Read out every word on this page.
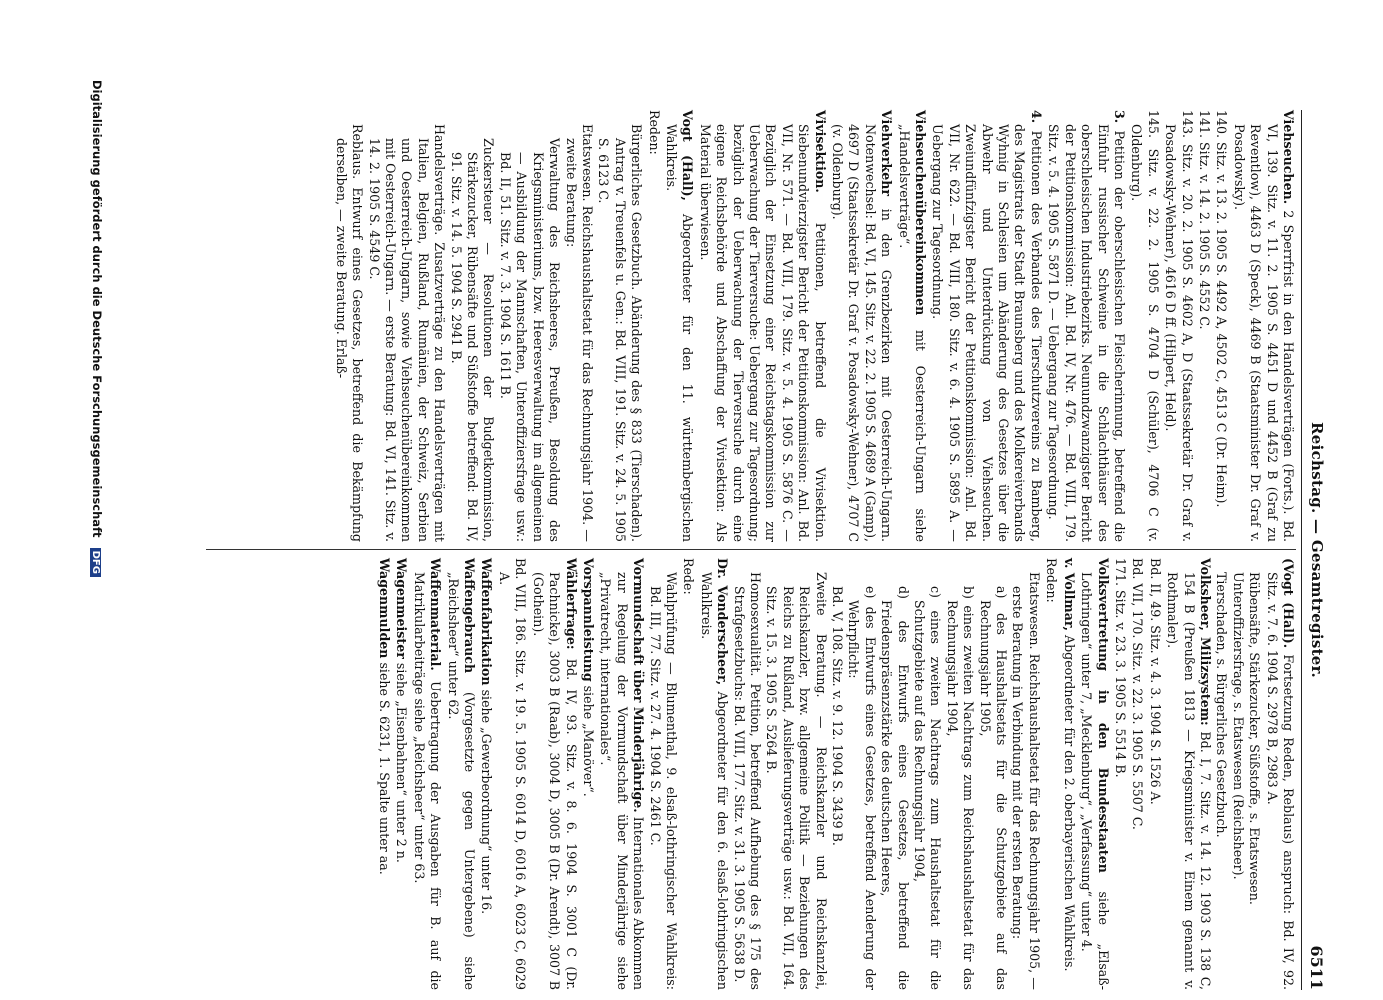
Reichstag. — Gesamtregister.
6511

Viehseuchen. 2 Sperrfrist in den Handelsverträgen (Forts.). Bd. VI, 139. Sitz. v. 11. 2. 1905 S. 4451 D und 4452 B (Graf zu Reventlow), 4463 D (Speck), 4469 B (Staatsminister Dr. Graf v. Posadowsky).

140. Sitz. v. 13. 2. 1905 S. 4492 A, 4502 C, 4513 C (Dr. Heim).

141. Sitz. v. 14. 2. 1905 S. 4552 C.

143. Sitz. v. 20. 2. 1905 S. 4602 A, D (Staatssekretär Dr. Graf v. Posadowsky-Wehner), 4616 D ff. (Hilpert, Held).

145. Sitz. v. 22. 2. 1905 S. 4704 D (Schüler), 4706 C (v. Oldenburg).

3. Petition der oberschlesischen Fleischerinnung, betreffend die Einfuhr russischer Schweine in die Schlachthäuser des oberschlesischen Industriebezirks. Neunundzwanzigster Bericht der Petitionskommission: Anl. Bd. IV, Nr. 476. — Bd. VIII, 179. Sitz. v. 5. 4. 1905 S. 5871 D. — Uebergang zur Tagesordnung.

4. Petitionen des Verbandes des Tierschutzvereins zu Bamberg, des Magistrats der Stadt Braunsberg und des Molkereiverbands Wyhnig in Schlesien um Abänderung des Gesetzes über die Abwehr und Unterdrückung von Viehseuchen. Zweiundfünfzigster Bericht der Petitionskommission: Anl. Bd. VII, Nr. 622. — Bd. VIII, 180. Sitz. v. 6. 4. 1905 S. 5895 A. — Uebergang zur Tagesordnung.

Viehseuchenübereinkommen mit Oesterreich-Ungarn siehe „Handelsverträge“.

Viehverkehr in den Grenzbezirken mit Oesterreich-Ungarn. Notenwechsel: Bd. VI, 145. Sitz. v. 22. 2. 1905 S. 4689 A (Gamp), 4697 D (Staatssekretär Dr. Graf v. Posadowsky-Wehner), 4707 C (v. Oldenburg).

Vivisektion. Petitionen, betreffend die Vivisektion. Siebenundvierzigster Bericht der Petitionskommission: Anl. Bd. VII, Nr. 571. — Bd. VIII, 179. Sitz. v. 5. 4. 1905 S. 5876 C. — Bezüglich der Einsetzung einer Reichstagskommission zur Ueberwachung der Tierversuche: Uebergang zur Tagesordnung; bezüglich der Ueberwachung der Tierversuche durch eine eigene Reichsbehörde und Abschaffung der Vivisektion: Als Material überwiesen.

Vogt (Hall), Abgeordneter für den 11. württembergischen Wahlkreis.

Reden:

Bürgerliches Gesetzbuch. Abänderung des § 833 (Tierschaden). Antrag v. Treuenfels u. Gen.: Bd. VIII, 191. Sitz. v. 24. 5. 1905 S. 6123 C.

Etatswesen. Reichshaushaltsetat für das Rechnungsjahr 1904. — zweite Beratung:

Verwaltung des Reichsheeres, Preußen, Besoldung des Kriegsministeriums, bzw. Heeresverwaltung im allgemeinen — Ausbildung der Mannschaften, Unteroffiziersfrage usw.: Bd. II, 51. Sitz. v. 7. 3. 1904 S. 1611 B.

Zuckersteuer — Resolutionen der Budgetkommission, Stärkezucker, Rübensäfte und Süßstoffe betreffend: Bd. IV, 91. Sitz. v. 14. 5. 1904 S. 2941 B.

Handelsverträge. Zusatzverträge zu den Handelsverträgen mit Italien, Belgien, Rußland, Rumänien, der Schweiz, Serbien und Oesterreich-Ungarn, sowie Viehseuchenübereinkommen mit Oesterreich-Ungarn. — erste Beratung: Bd. VI, 141. Sitz. v. 14. 2. 1905 S. 4549 C.

Reblaus. Entwurf eines Gesetzes, betreffend die Bekämpfung derselben, — zweite Beratung. Erlaß-

(Vogt (Hall). Fortsetzung Reden, Reblaus) anspruch: Bd. IV, 92. Sitz. v. 7. 6. 1904 S. 2978 B, 2983 A.

Rübensäfte, Stärkezucker, Süßstoffe, s. Etatswesen.

Unteroffiziersfrage, s. Etatswesen (Reichsheer).

Tierschaden, s. Bürgerliches Gesetzbuch.

Volksheer, Milizsystem: Bd. I, 7. Sitz. v. 14. 12. 1903 S. 138 C, 154 B (Preußen 1813 — Kriegsminister v. Einem genannt v. Rothmaler).

Bd. II, 49. Sitz. v. 4. 3. 1904 S. 1526 A.

Bd. VII, 170. Sitz. v. 22. 3. 1905 S. 5507 C.

171. Sitz. v. 23. 3. 1905 S. 5514 B.

Volksvertretung in den Bundesstaaten siehe „Elsaß-Lothringen“ unter 7, „Mecklenburg“, „Verfassung“ unter 4.

v. Vollmar, Abgeordneter für den 2. oberbayerischen Wahlkreis.

Reden:

Etatswesen. Reichshaushaltsetat für das Rechnungsjahr 1905, — erste Beratung in Verbindung mit der ersten Beratung:

a) des Haushaltsetats für die Schutzgebiete auf das Rechnungsjahr 1905,

b) eines zweiten Nachtrags zum Reichshaushaltsetat für das Rechnungsjahr 1904,

c) eines zweiten Nachtrags zum Haushaltsetat für die Schutzgebiete auf das Rechnungsjahr 1904,

d) des Entwurfs eines Gesetzes, betreffend die Friedenspräsenzstärke des deutschen Heeres,

e) des Entwurfs eines Gesetzes, betreffend Aenderung der Wehrpflicht:

Bd. V, 108. Sitz. v. 9. 12. 1904 S. 3439 B.

Zweite Beratung. — Reichskanzler und Reichskanzlei, Reichskanzler, bzw. allgemeine Politik — Beziehungen des Reichs zu Rußland, Auslieferungsverträge usw.: Bd. VII, 164. Sitz. v. 15. 3. 1905 S. 5264 B.

Homosexualität. Petition, betreffend Aufhebung des § 175 des Strafgesetzbuchs: Bd. VIII, 177. Sitz. v. 31. 3. 1905 S. 5638 D.

Dr. Vonderscheer, Abgeordneter für den 6. elsaß-lothringischen Wahlkreis.

Rede:

Wahlprüfung — Blumenthal, 9. elsaß-lothringischer Wahlkreis: Bd. III, 77. Sitz. v. 27. 4. 1904 S. 2461 C.

Vormundschaft über Minderjährige. Internationales Abkommen zur Regelung der Vormundschaft über Minderjährige siehe „Privatrecht, internationales“.

Vorspannleistung siehe „Manöver“.

Wählerfrage: Bd. IV, 93. Sitz. v. 8. 6. 1904 S. 3001 C (Dr. Pachnicke), 3003 B (Raab), 3004 D, 3005 B (Dr. Arendt), 3007 B (Gothein).

Bd. VIII, 186. Sitz. v. 19. 5. 1905 S. 6014 D, 6016 A, 6023 C, 6029 A.

Waffenfabrikation siehe „Gewerbeordnung“ unter 16.

Waffengebrauch (Vorgesetzte gegen Untergebene) siehe „Reichsheer“ unter 62.

Waffenmaterial. Uebertragung der Ausgaben für B. auf die Matrikularbeiträge siehe „Reichsheer“ unter 63.

Wagenmeister siehe „Eisenbahnen“ unter 2 n.

Wagenmulden siehe S. 6231, 1. Spalte unter aa.

Digitalisierung gefördert durch die Deutsche Forschungsgemeinschaft DFG
